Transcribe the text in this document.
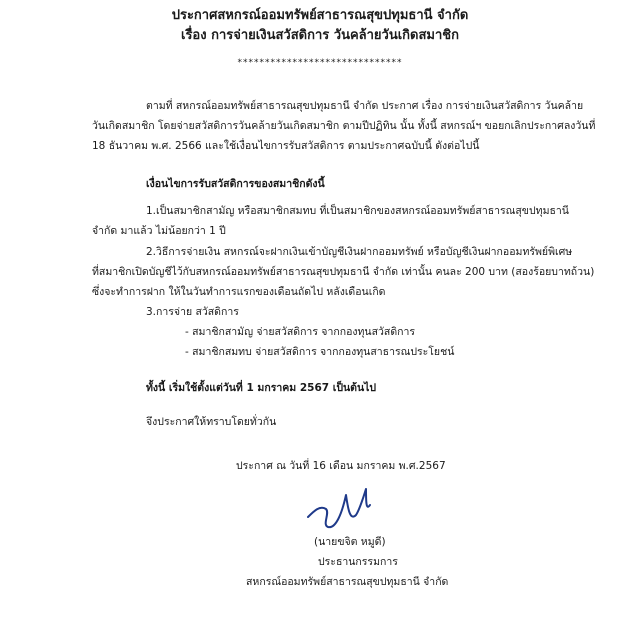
ประกาศสหกรณ์ออมทรัพย์สาธารณสุขปทุมธานี จำกัด
เรื่อง การจ่ายเงินสวัสดิการ วันคล้ายวันเกิดสมาชิก
******************************
ตามที่ สหกรณ์ออมทรัพย์สาธารณสุขปทุมธานี จำกัด ประกาศ เรื่อง การจ่ายเงินสวัสดิการ วันคล้าย
วันเกิดสมาชิก โดยจ่ายสวัสดิการวันคล้ายวันเกิดสมาชิก ตามปีปฏิทิน นั้น ทั้งนี้ สหกรณ์ฯ ขอยกเลิกประกาศลงวันที่
18 ธันวาคม พ.ศ. 2566 และใช้เงื่อนไขการรับสวัสดิการ ตามประกาศฉบับนี้ ดังต่อไปนี้
เงื่อนไขการรับสวัสดิการของสมาชิกดังนี้
1.เป็นสมาชิกสามัญ หรือสมาชิกสมทบ ที่เป็นสมาชิกของสหกรณ์ออมทรัพย์สาธารณสุขปทุมธานี
จำกัด มาแล้ว ไม่น้อยกว่า 1 ปี
2.วิธีการจ่ายเงิน สหกรณ์จะฝากเงินเข้าบัญชีเงินฝากออมทรัพย์ หรือบัญชีเงินฝากออมทรัพย์พิเศษ
ที่สมาชิกเปิดบัญชีไว้กับสหกรณ์ออมทรัพย์สาธารณสุขปทุมธานี จำกัด เท่านั้น คนละ 200 บาท (สองร้อยบาทถ้วน)
ซึ่งจะทำการฝาก ให้ในวันทำการแรกของเดือนถัดไป หลังเดือนเกิด
3.การจ่าย สวัสดิการ
- สมาชิกสามัญ จ่ายสวัสดิการ จากกองทุนสวัสดิการ
- สมาชิกสมทบ จ่ายสวัสดิการ จากกองทุนสาธารณประโยชน์
ทั้งนี้ เริ่มใช้ตั้งแต่วันที่ 1 มกราคม 2567 เป็นต้นไป
จึงประกาศให้ทราบโดยทั่วกัน
ประกาศ ณ วันที่ 16 เดือน มกราคม พ.ศ.2567
(นายขจิต หมูดี)
ประธานกรรมการ
สหกรณ์ออมทรัพย์สาธารณสุขปทุมธานี จำกัด
